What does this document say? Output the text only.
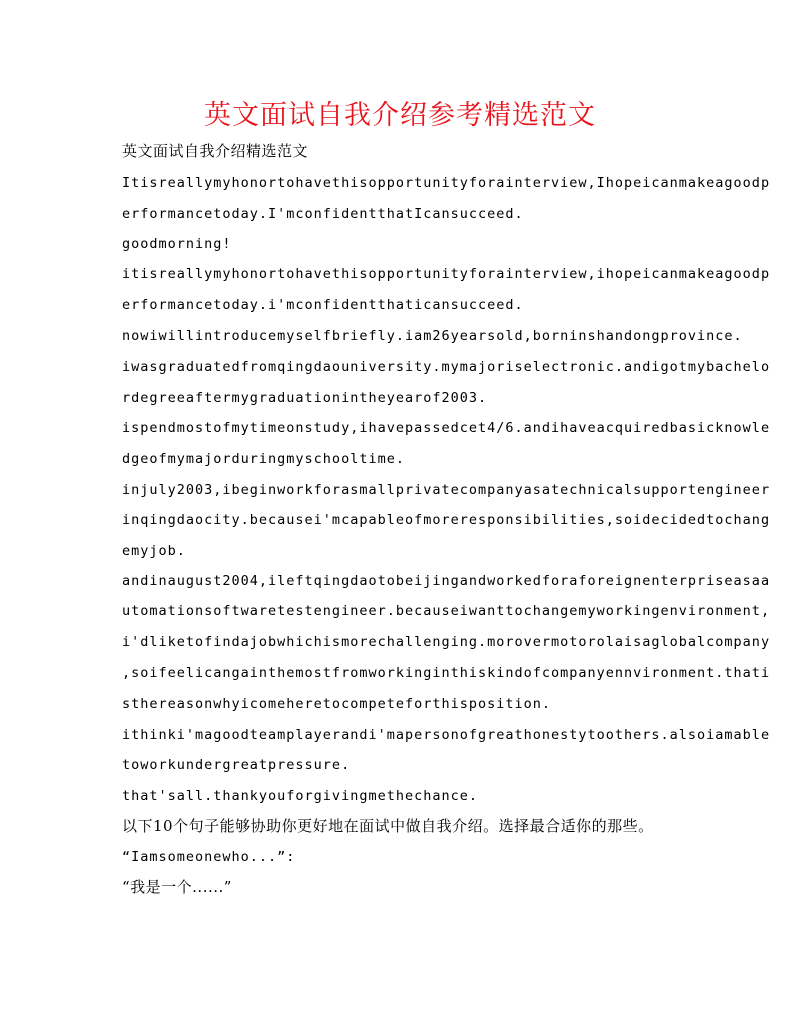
英文面试自我介绍参考精选范文
英文面试自我介绍精选范文
Itisreallymyhonortohavethisopportunityforainterview,Ihopeicanmakeagoodp
erformancetoday.I'mconfidentthatIcansucceed.
goodmorning!
itisreallymyhonortohavethisopportunityforainterview,ihopeicanmakeagoodp
erformancetoday.i'mconfidentthaticansucceed.
nowiwillintroducemyselfbriefly.iam26yearsold,borninshandongprovince.
iwasgraduatedfromqingdaouniversity.mymajoriselectronic.andigotmybachelo
rdegreeaftermygraduationintheyearof2003.
ispendmostofmytimeonstudy,ihavepassedcet4/6.andihaveacquiredbasicknowle
dgeofmymajorduringmyschooltime.
injuly2003,ibeginworkforasmallprivatecompanyasatechnicalsupportengineer
inqingdaocity.becausei'mcapableofmoreresponsibilities,soidecidedtochang
emyjob.
andinaugust2004,ileftqingdaotobeijingandworkedforaforeignenterpriseasaa
utomationsoftwaretestengineer.becauseiwanttochangemyworkingenvironment,
i'dliketofindajobwhichismorechallenging.morovermotorolaisaglobalcompany
,soifeelicangainthemostfromworkinginthiskindofcompanyennvironment.thati
sthereasonwhyicomeheretocompeteforthisposition.
ithinki'magoodteamplayerandi'mapersonofgreathonestytoothers.alsoiamable
toworkundergreatpressure.
that'sall.thankyouforgivingmethechance.
以下10个句子能够协助你更好地在面试中做自我介绍。选择最合适你的那些。
“Iamsomeonewho...”:
“我是一个......”
